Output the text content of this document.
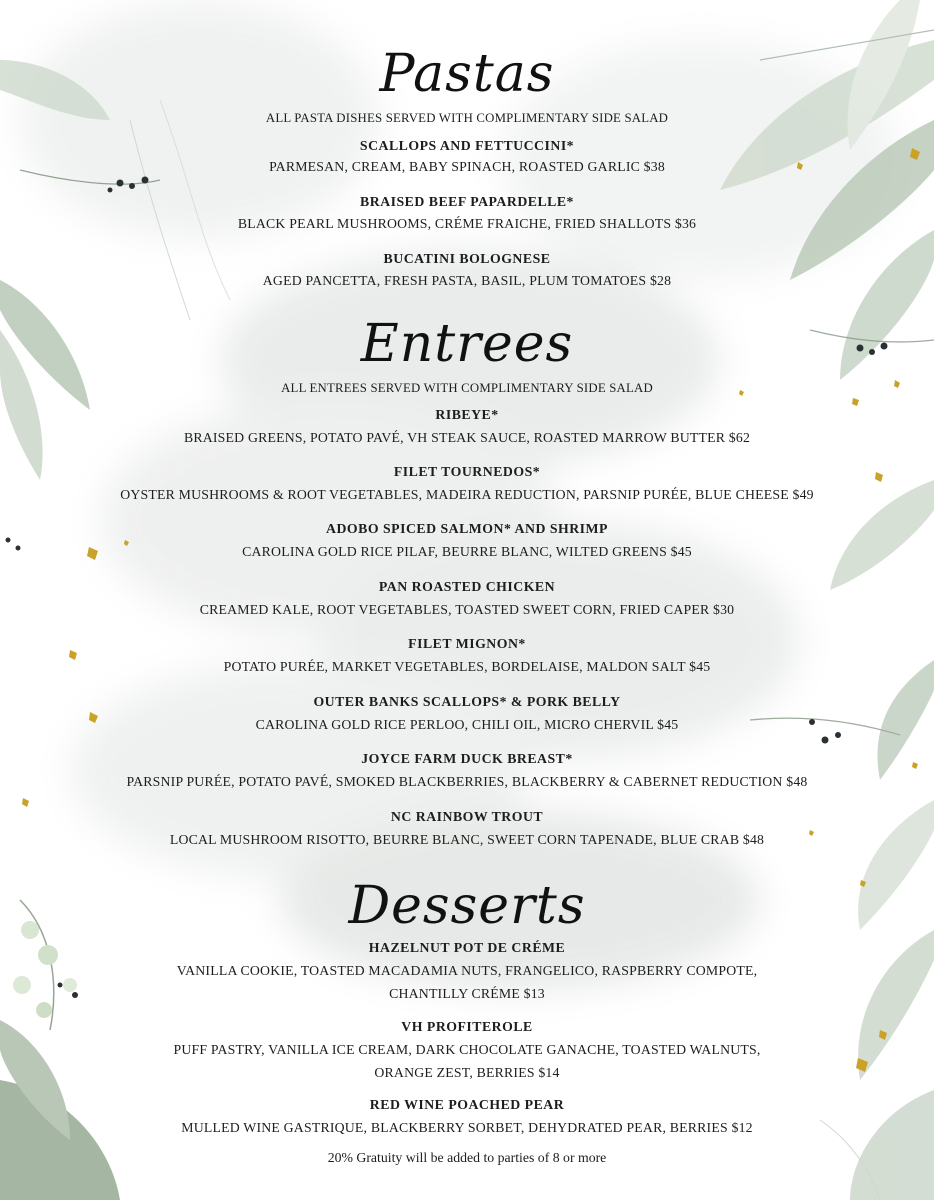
Pastas
ALL PASTA DISHES SERVED WITH COMPLIMENTARY SIDE SALAD
SCALLOPS AND FETTUCCINI*
PARMESAN, CREAM, BABY SPINACH, ROASTED GARLIC $38
BRAISED BEEF PAPARDELLE*
BLACK PEARL MUSHROOMS, CRÉME FRAICHE, FRIED SHALLOTS $36
BUCATINI BOLOGNESE
AGED PANCETTA, FRESH PASTA, BASIL, PLUM TOMATOES $28
Entrees
ALL ENTREES SERVED WITH COMPLIMENTARY SIDE SALAD
RIBEYE*
BRAISED GREENS, POTATO PAVÉ, VH STEAK SAUCE, ROASTED MARROW BUTTER $62
FILET TOURNEDOS*
OYSTER MUSHROOMS & ROOT VEGETABLES, MADEIRA REDUCTION, PARSNIP PURÉE, BLUE CHEESE $49
ADOBO SPICED SALMON* AND SHRIMP
CAROLINA GOLD RICE PILAF, BEURRE BLANC, WILTED GREENS $45
PAN ROASTED CHICKEN
CREAMED KALE, ROOT VEGETABLES, TOASTED SWEET CORN, FRIED CAPER $30
FILET MIGNON*
POTATO PURÉE, MARKET VEGETABLES, BORDELAISE, MALDON SALT $45
OUTER BANKS SCALLOPS* & PORK BELLY
CAROLINA GOLD RICE PERLOO, CHILI OIL, MICRO CHERVIL $45
JOYCE FARM DUCK BREAST*
PARSNIP PURÉE, POTATO PAVÉ, SMOKED BLACKBERRIES, BLACKBERRY & CABERNET REDUCTION $48
NC RAINBOW TROUT
LOCAL MUSHROOM RISOTTO, BEURRE BLANC, SWEET CORN TAPENADE, BLUE CRAB $48
Desserts
HAZELNUT POT DE CRÉME
VANILLA COOKIE, TOASTED MACADAMIA NUTS, FRANGELICO, RASPBERRY COMPOTE,
CHANTILLY CRÉME $13
VH PROFITEROLE
PUFF PASTRY, VANILLA ICE CREAM, DARK CHOCOLATE GANACHE, TOASTED WALNUTS,
ORANGE ZEST, BERRIES $14
RED WINE POACHED PEAR
MULLED WINE GASTRIQUE, BLACKBERRY SORBET, DEHYDRATED PEAR, BERRIES $12
20% Gratuity will be added to parties of 8 or more
